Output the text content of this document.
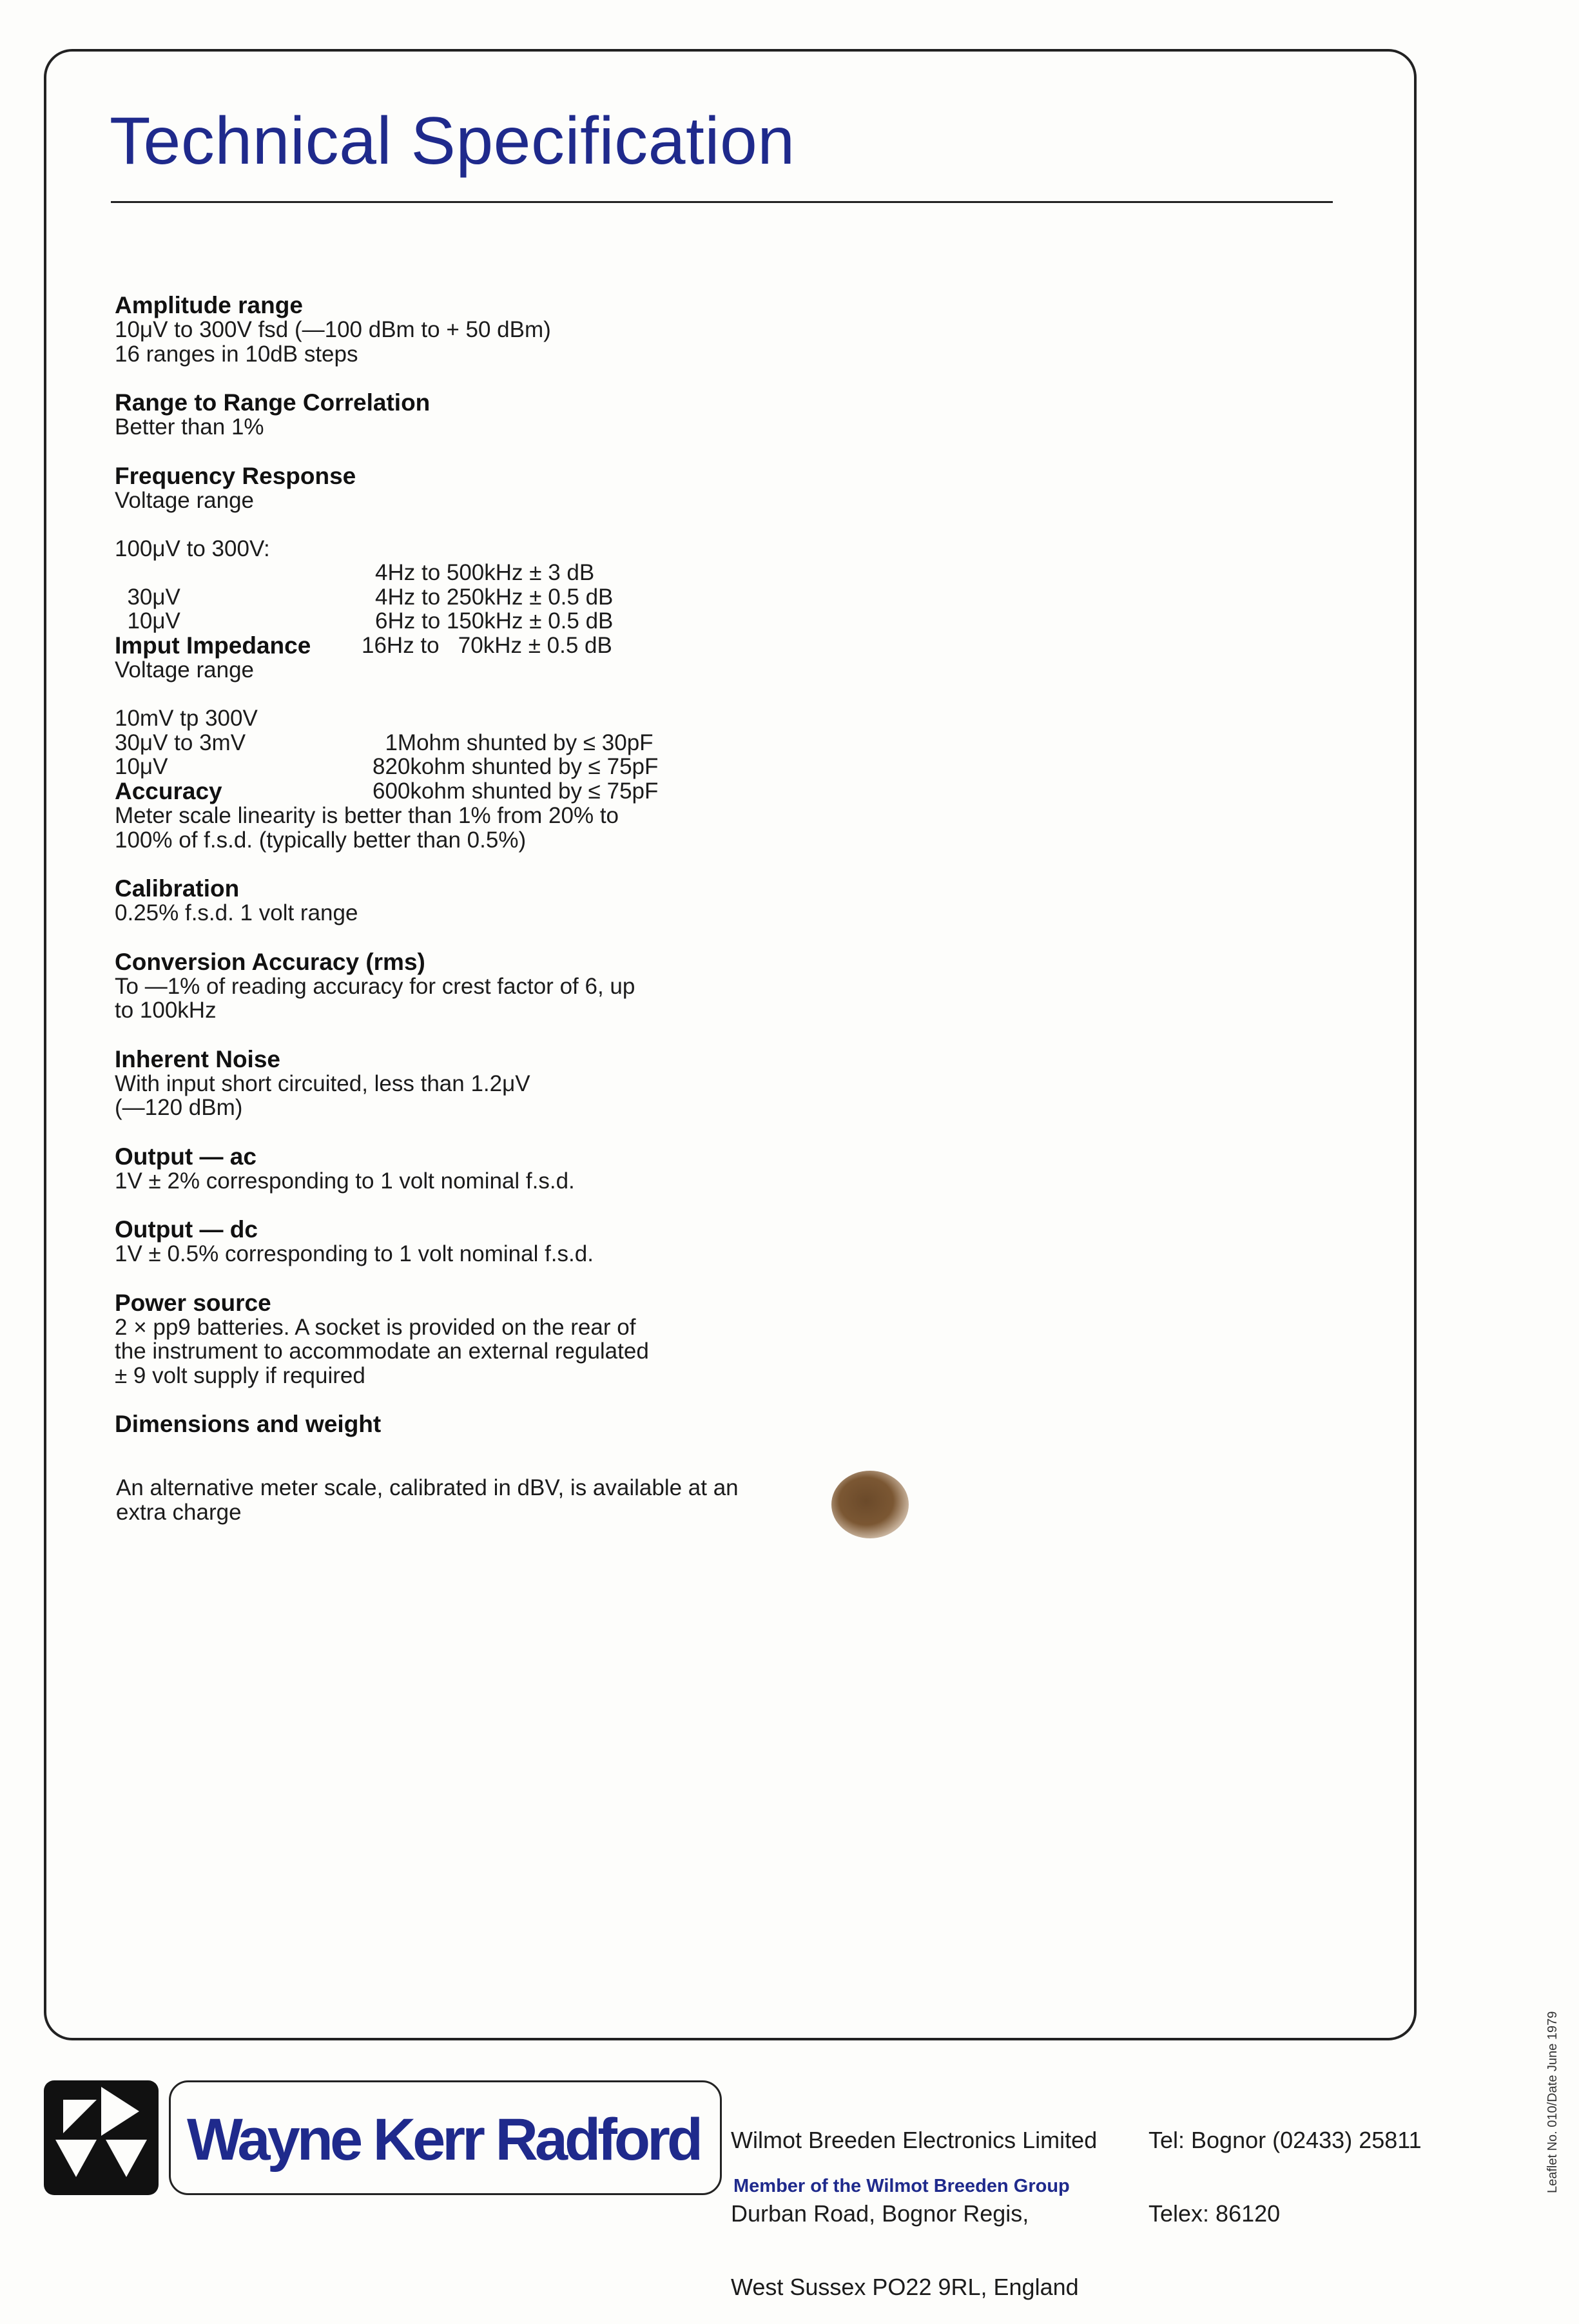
Technical Specification
Amplitude range
10μV to 300V fsd (—100 dBm to + 50 dBm)
16 ranges in 10dB steps
Range to Range Correlation
Better than 1%
Frequency Response
Voltage range

100μV to 300V:

4Hz to 500kHz ± 3 dB

4Hz to 250kHz ± 0.5 dB

30μV

6Hz to 150kHz ± 0.5 dB

10μV

16Hz to   70kHz ± 0.5 dB

Imput Impedance
Voltage range

10mV tp 300V

1Mohm shunted by ≤ 30pF

30μV to 3mV

820kohm shunted by ≤ 75pF

10μV

600kohm shunted by ≤ 75pF

Accuracy
Meter scale linearity is better than 1% from 20% to
100% of f.s.d. (typically better than 0.5%)
Calibration
0.25% f.s.d. 1 volt range
Conversion Accuracy (rms)
To —1% of reading accuracy for crest factor of 6, up
to 100kHz
Inherent Noise
With input short circuited, less than 1.2μV
(—120 dBm)
Output — ac
1V ± 2% corresponding to 1 volt nominal f.s.d.
Output — dc
1V ± 0.5% corresponding to 1 volt nominal f.s.d.
Power source
2 × pp9 batteries. A socket is provided on the rear of
the instrument to accommodate an external regulated
± 9 volt supply if required
Dimensions and weight
An alternative meter scale, calibrated in dBV, is available at an extra charge
Wayne Kerr Radford

Wilmot Breeden Electronics Limited

Durban Road, Bognor Regis,

West Sussex PO22 9RL, England

Member of the Wilmot Breeden Group

Tel: Bognor (02433) 25811

Telex: 86120

Leaflet No. 010/Date June 1979
